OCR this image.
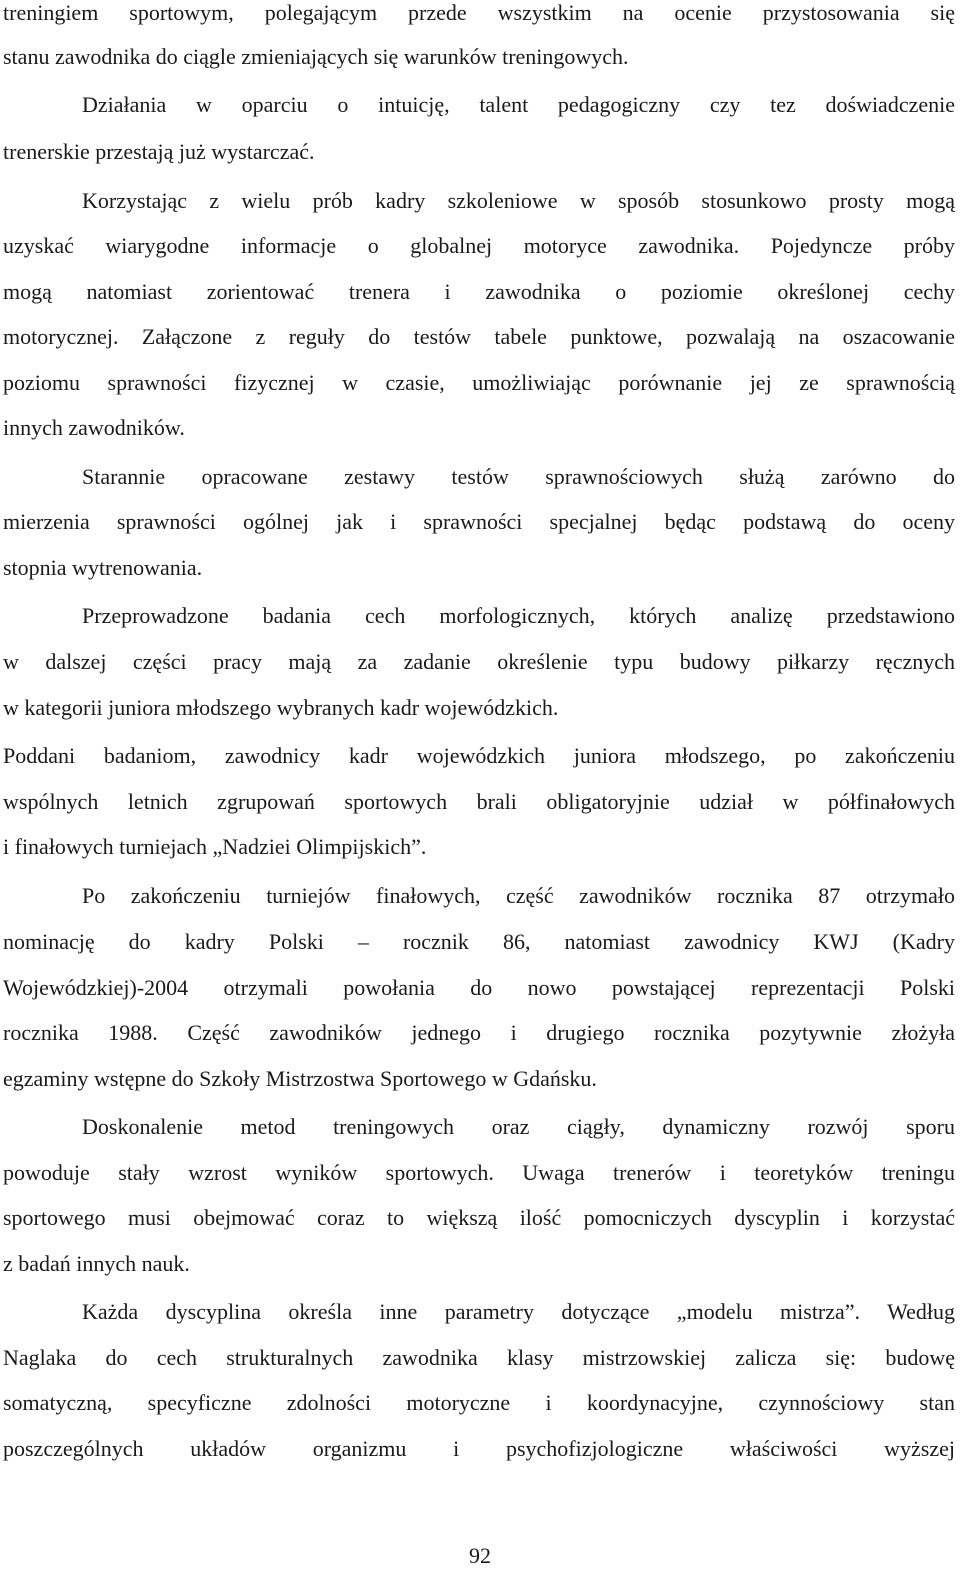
treningiem sportowym, polegającym przede wszystkim na ocenie przystosowania się
stanu zawodnika do ciągle zmieniających się warunków treningowych.
Działania w oparciu o intuicję, talent pedagogiczny czy tez doświadczenie
trenerskie przestają już wystarczać.
Korzystając z wielu prób kadry szkoleniowe w sposób stosunkowo prosty mogą
uzyskać wiarygodne informacje o globalnej motoryce zawodnika. Pojedyncze próby
mogą natomiast zorientować trenera i zawodnika o poziomie określonej cechy
motorycznej. Załączone z reguły do testów tabele punktowe, pozwalają na oszacowanie
poziomu sprawności fizycznej w czasie, umożliwiając porównanie jej ze sprawnością
innych zawodników.
Starannie opracowane zestawy testów sprawnościowych służą zarówno do
mierzenia sprawności ogólnej jak i sprawności specjalnej będąc podstawą do oceny
stopnia wytrenowania.
Przeprowadzone badania cech morfologicznych, których analizę przedstawiono
w dalszej części pracy mają za zadanie określenie typu budowy piłkarzy ręcznych
w kategorii juniora młodszego wybranych kadr wojewódzkich.
Poddani badaniom, zawodnicy kadr wojewódzkich juniora młodszego, po zakończeniu
wspólnych letnich zgrupowań sportowych brali obligatoryjnie udział w półfinałowych
i finałowych turniejach „Nadziei Olimpijskich”.
Po zakończeniu turniejów finałowych, część zawodników rocznika 87 otrzymało
nominację do kadry Polski – rocznik 86, natomiast zawodnicy KWJ (Kadry
Wojewódzkiej)-2004 otrzymali powołania do nowo powstającej reprezentacji Polski
rocznika 1988. Część zawodników jednego i drugiego rocznika pozytywnie złożyła
egzaminy wstępne do Szkoły Mistrzostwa Sportowego w Gdańsku.
Doskonalenie metod treningowych oraz ciągły, dynamiczny rozwój sporu
powoduje stały wzrost wyników sportowych. Uwaga trenerów i teoretyków treningu
sportowego musi obejmować coraz to większą ilość pomocniczych dyscyplin i korzystać
z badań innych nauk.
Każda dyscyplina określa inne parametry dotyczące „modelu mistrza”. Według
Naglaka do cech strukturalnych zawodnika klasy mistrzowskiej zalicza się: budowę
somatyczną, specyficzne zdolności motoryczne i koordynacyjne, czynnościowy stan
poszczególnych układów organizmu i psychofizjologiczne właściwości wyższej
92
